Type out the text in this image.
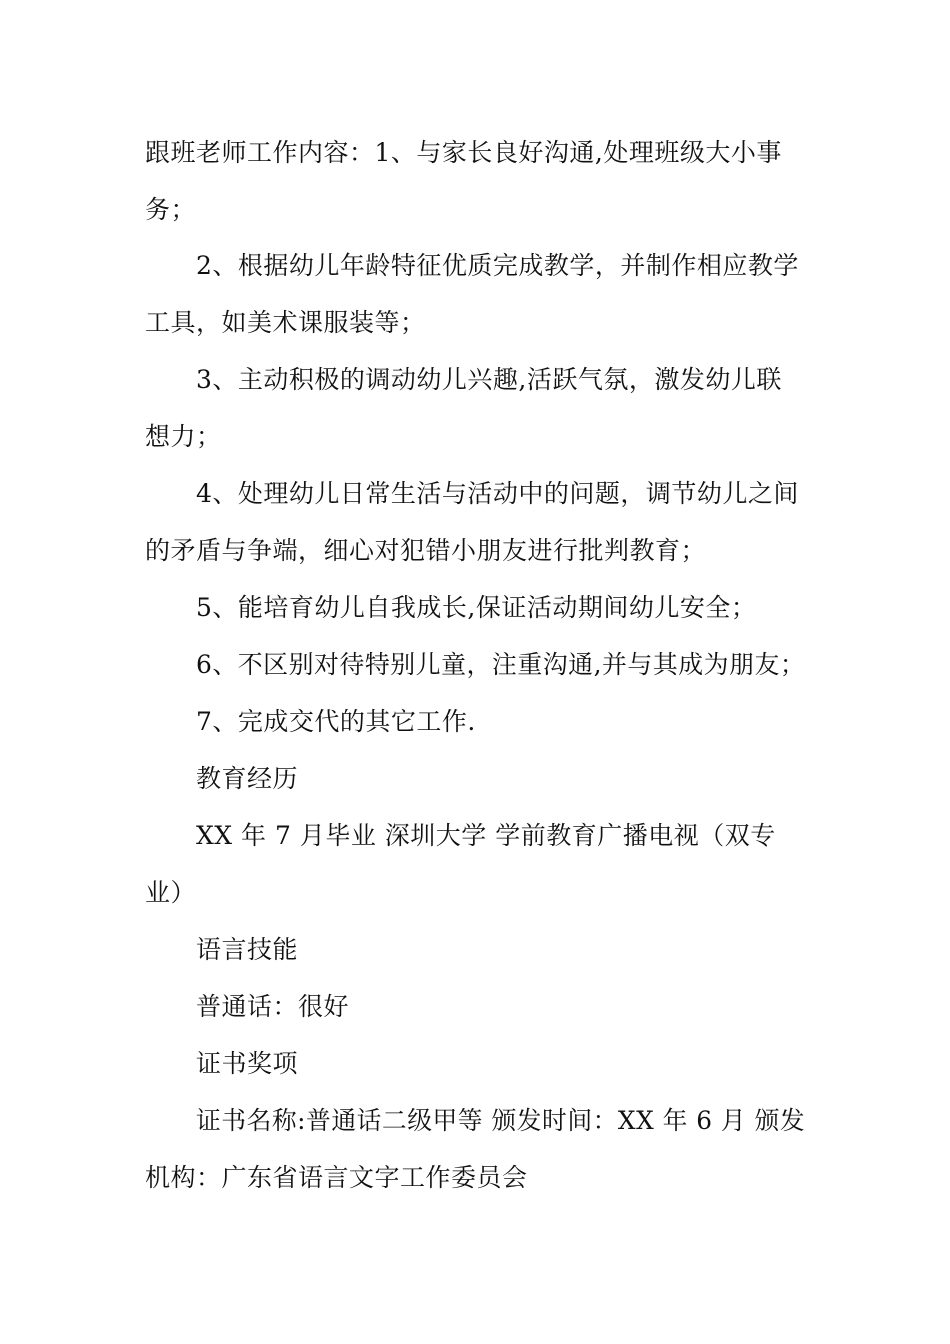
跟班老师工作内容：1、与家长良好沟通,处理班级大小事
务；
2、根据幼儿年龄特征优质完成教学，并制作相应教学
工具，如美术课服装等；
3、主动积极的调动幼儿兴趣,活跃气氛，激发幼儿联
想力；
4、处理幼儿日常生活与活动中的问题，调节幼儿之间
的矛盾与争端，细心对犯错小朋友进行批判教育；
5、能培育幼儿自我成长,保证活动期间幼儿安全；
6、不区别对待特别儿童，注重沟通,并与其成为朋友；
7、完成交代的其它工作.
教育经历
XX 年 7 月毕业 深圳大学 学前教育广播电视（双专
业）
语言技能
普通话：很好
证书奖项
证书名称:普通话二级甲等 颁发时间：XX 年 6 月 颁发
机构：广东省语言文字工作委员会
